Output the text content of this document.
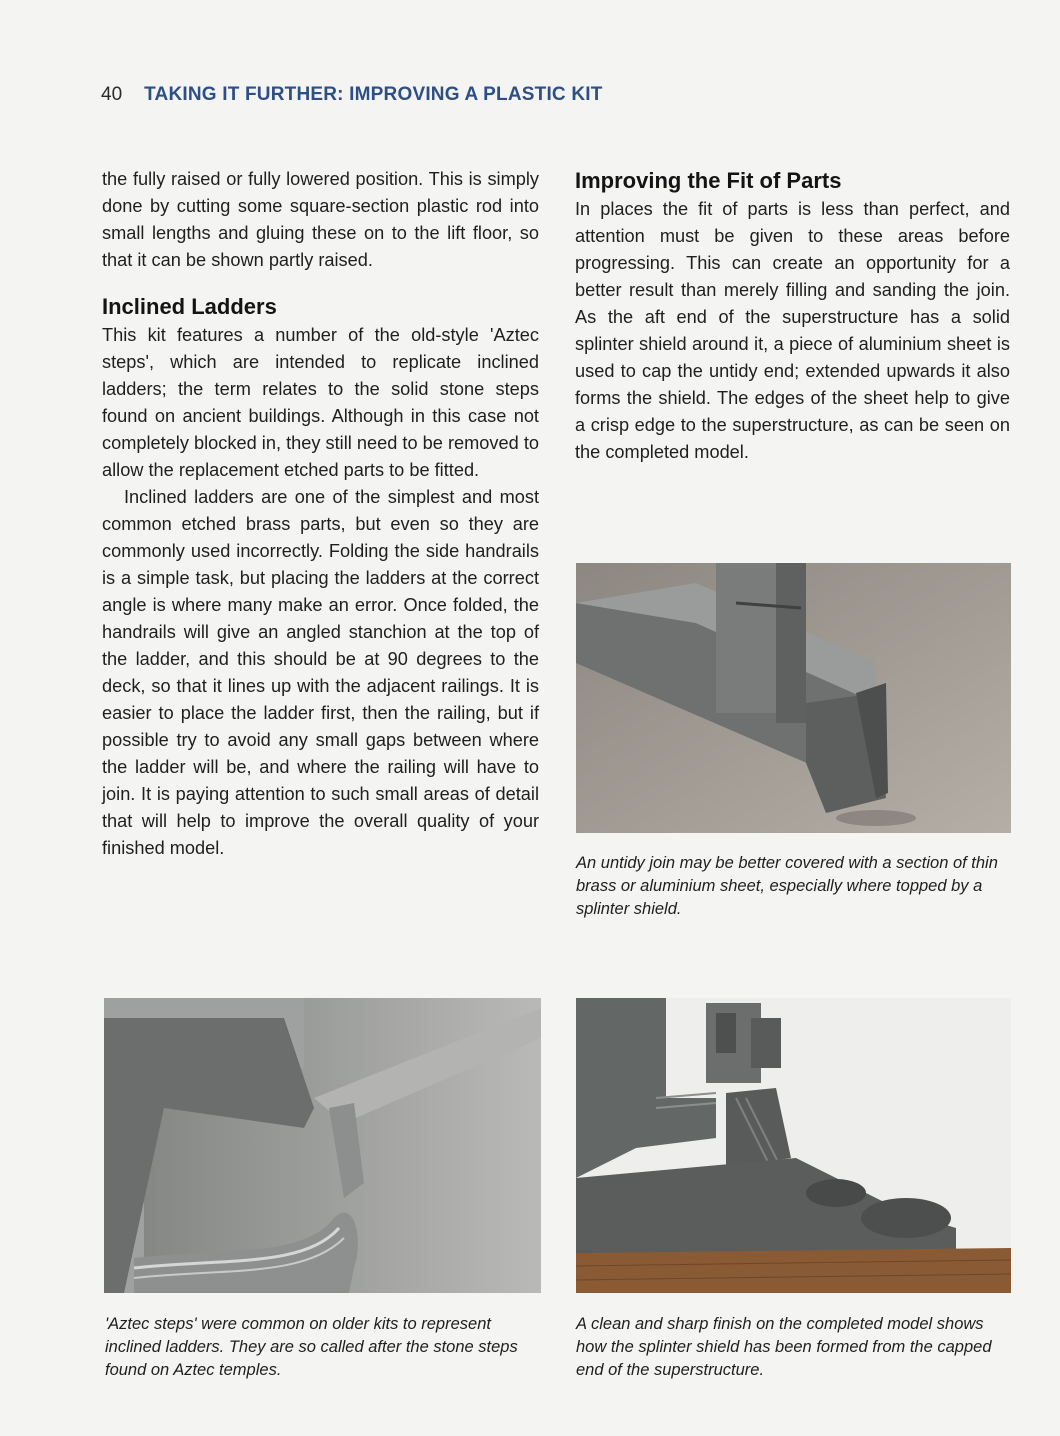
40 TAKING IT FURTHER: IMPROVING A PLASTIC KIT

the fully raised or fully lowered position. This is simply done by cutting some square-section plastic rod into small lengths and gluing these on to the lift floor, so that it can be shown partly raised.

Inclined Ladders

This kit features a number of the old-style 'Aztec steps', which are intended to replicate inclined ladders; the term relates to the solid stone steps found on ancient buildings. Although in this case not completely blocked in, they still need to be removed to allow the replacement etched parts to be fitted.

Inclined ladders are one of the simplest and most common etched brass parts, but even so they are commonly used incorrectly. Folding the side handrails is a simple task, but placing the ladders at the correct angle is where many make an error. Once folded, the handrails will give an angled stanchion at the top of the ladder, and this should be at 90 degrees to the deck, so that it lines up with the adjacent railings. It is easier to place the ladder first, then the railing, but if possible try to avoid any small gaps between where the ladder will be, and where the railing will have to join. It is paying attention to such small areas of detail that will help to improve the overall quality of your finished model.

Improving the Fit of Parts

In places the fit of parts is less than perfect, and attention must be given to these areas before progressing. This can create an opportunity for a better result than merely filling and sanding the join. As the aft end of the superstructure has a solid splinter shield around it, a piece of aluminium sheet is used to cap the untidy end; extended upwards it also forms the shield. The edges of the sheet help to give a crisp edge to the superstructure, as can be seen on the completed model.

An untidy join may be better covered with a section of thin brass or aluminium sheet, especially where topped by a splinter shield.
'Aztec steps' were common on older kits to represent inclined ladders. They are so called after the stone steps found on Aztec temples.
A clean and sharp finish on the completed model shows how the splinter shield has been formed from the capped end of the superstructure.
